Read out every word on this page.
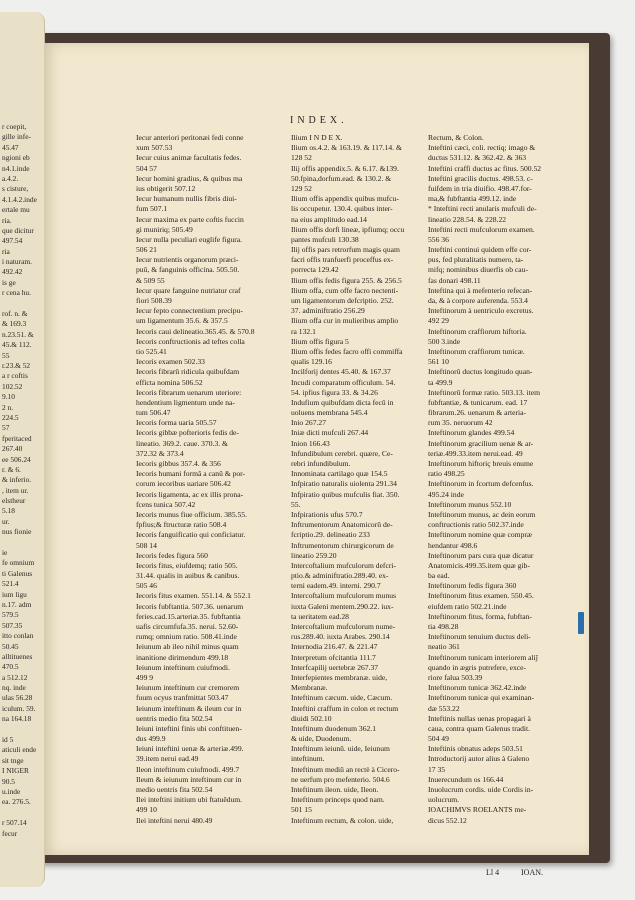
r coepit,
gille infe-
45.47
ngioni eb
n4.1.inde
a.4.2.
s cisture,
4.1.4.2.inde
ertale mu
ria.
que dicitur
497.54
ria
i naturam.
492.42
is ge
r cena hu.
rof. n. &
& 169.3
n.23.51. &
45.& 112.
55
r.23.& 52
a r coftis
102.52
9.10
2 n.
224.5
57
fperitaced
267.40
ee 506.24
r. & 6.
& inferio.
, item ur.
elstheur
5.18
ur.
nus fionie
ie
fe omnium
ti Galenus
521.4
ium ligu
n.17. adm
579.5
507.35
itto conlan
50.45
alltituenes
470.5
a 512.12
nq. inde
ulas 56.28
iculum. 59.
na 164.18
id 5
aticuli ende
sit tnge
I NIGER
90.5
u.inde
ea. 276.5.
r 507.14
fecur
INDEX.
Iecur anteriori peritonæi fedi conne
xum 507.53
Iecur cuius animæ facultatis fedes.
504 57
Iecur homini gradius, & quibus ma
ius obtigerit 507.12
Iecur humanum nullis fibris diui-
fum 507.1
Iecur maxima ex parte coftis fuccin
gi muniriq; 505.49
Iecur nulla peculiari euglife figura.
506 21
Iecur nutrientis organorum præci-
puû, & fanguinis officina. 505.50.
& 509 55
Iecur quare fanguine nutriatur craf
fiori 508.39
Iecur fepto connectentium precipu-
um ligamentum 35.6. & 357.5
Iecoris caui delineatio.365.45. & 570.8
Iecoris conftructionis ad teftes colla
tio 525.41
Iecoris examen 502.33
Iecoris fibrarû ridicula quibufdam
efficta nomina 506.52
Iecoris fibrarum uenarum uteriore:
hendentium ligmentum unde na-
tum 506.47
Iecoris forma uaria 505.57
Iecoris gibbæ pofterioris fedis de-
lineatio. 369.2. caue. 370.3. &
372.32 & 373.4
Iecoris gibbus 357.4. & 356
Iecoris humani formâ a canû & por-
corum iecoribus uariare 506.42
Iecoris ligamenta, ac ex illis prona-
fcens tunica 507.42
Iecoris munus fiue officium. 385.55.
fpfius;& ftructuræ ratio 508.4
Iecoris fanguificatio qui conficiatur.
508 14
Iecoris fedes figura 560
Iecoris fitus, eiufdemq; ratio 505.
31.44. qualis in auibus & canibus.
505 46
Iecoris fitus examen. 551.14. & 552.1
Iecoris fubftantia. 507.36. uenarum
feries.cad.15.arteriæ.35. fubftantia
uafis circumfufa.35. nerui. 52.60-
rumq; omnium ratio. 508.41.inde
Ieiunum ab ileo nihil minus quam
inanitione dirimendum 499.18
Ieiunum inteftinum cuiufmodi.
499 9
Ieiunum inteftinum cur cremorem
fuum ocyus tranfmittat 503.47
Ieiunum inteftinum & ileum cur in
uentris medio fita 502.54
Ieiuni inteftini finis ubi conftituen-
dus 499.9
Ieiuni inteftini uenæ & arteriæ.499.
39.item nerui ead.49
Ileon inteftinum cuiufmodi. 499.7
Ileum & ieiunum inteftinum cur in
medio uentris fita 502.54
Ilei inteftini initium ubi ftatuêdum.
499 10
Ilei inteftini nerui 480.49
Ilium I N D E X.
Ilium os.4.2. & 163.19. & 117.14. &
128 52
Ilij offis appendix.5. & 6.17. &139.
50.fpina,dorfum.ead. & 130.2. &
129 52
Ilium offis appendix quibus mufcu-
lis occupetur. 130.4. quibus inter-
na eius amplitudo ead.14
Ilium offis dorfi lineæ, ipfiumq; occu
pantes mufculi 130.38
Ilij offis pars retrorfum magis quam
facri offis tranfuerfi proceffus ex-
porrecta 129.42
Ilium offis fedis figura 255. & 256.5
Ilium offa, cum offe facro nectenti-
um ligamentorum defcriptio. 252.
37. adminiftratio 256.29
Ilium offa cur in mulieribus amplio
ra 132.1
Ilium offis figura 5
Ilium offis fedes facro offi commiffa
qualis 129.16
Incilforij dentes 45.40. & 167.37
Incudi comparatum officulum. 54.
54. ipfius figura 33. & 34.26
Indufium quibufdam dicta fecû in
uoluens membrana 545.4
Inio 267.27
Iniæ dicti mufculi 267.44
Inion 166.43
Infundibulum cerebri. quære, Ce-
rebri infundibulum.
Innominata cartilago quæ 154.5
Infpiratio naturalis uiolenta 291.34
Infpiratio quibus mufculis fiat. 350.
55.
Infpirationis ufus 570.7
Inftrumentorum Anatomicorû de-
fcriptio.29. delineatio 233
Inftrumentorum chirurgicorum de
lineatio 259.20
Intercoftalium mufculorum defcri-
ptio.& adminiftratio.289.40. ex-
terni eadem.49. interni. 290.7
Intercoftalium mufculorum munus
iuxta Galeni mentem.290.22. iux-
ta ueritatem ead.28
Intercoftalium mufculorum nume-
rus.289.40. iuxta Arabes. 290.14
Internodia 216.47. & 221.47
Interpretum ofcitantia 111.7
Interfcapilij uertebræ 267.37
Interfepientes membranæ. uide,
Membranæ.
Inteftinum cæcum. uide, Cæcum.
Inteftini craffum in colon et rectum
diuidi 502.10
Inteftinum duodenum 362.1
& uide, Duodenum.
Inteftinum ieiunû. uide, Ieiunum
inteftinum.
Inteftinum mediû an rectè à Cicero-
ne uerfum pro mefenterio. 504.6
Inteftinum ileon. uide, Ileon.
Inteftinum princeps quod nam.
501 15
Inteftinum rectum, & colon. uide,
Rectum, & Colon.
Inteftini cæci, coli. rectiq; imago &
ductus 531.12. & 362.42. & 363
Inteftini craffi ductus ac fitus. 500.52
Inteftini gracilis ductus. 498.53. c-
fuifdem in tria diuifio. 498.47.for-
ma,& fubftantia 499.12. inde
* Inteftini recti anularis mufculi de-
lineatio 228.54. & 228.22
Inteftini recti mufculorum examen.
556 36
Inteftini continui quidem effe cor-
pus, fed pluralitatis numero, ta-
mifq; nominibus diuerfis ob cau-
fas donari 498.11
Inteftina qui à mefenterio refecan-
da, & à corpore auferenda. 553.4
Inteftinorum à uentriculo excretus.
492 29
Inteftinorum craffiorum hiftoria.
500 3.inde
Inteftinorum craffiorum tunicæ.
561 10
Inteftinorû ductus longitudo quan-
ta 499.9
Inteftinorû formæ ratio. 503.13. item
fubftantiæ, & tunicarum. ead. 17
fibrarum.26. uenarum & arteria-
rum 35. neruorum 42
Inteftinorum glandes 499.54
Inteftinorum gracilium uenæ & ar-
teriæ.499.33.item nerui.ead. 49
Inteftinorum hiftoriç breuis enume
ratio 498.25
Inteftinorum in fcortum defcenfus.
495.24 inde
Inteftinorum munus 552.10
Inteftinorum munus, ac dein eorum
conftructionis ratio 502.37.inde
Inteftinorum nomine quæ compræ
hendantur 498.6
Inteftinorum pars cura quæ dicatur
Anatomicis.499.35.item quæ gib-
ba ead.
Inteftinorum fedis figura 360
Inteftinorum fitus examen. 550.45.
eiufdem ratio 502.21.inde
Inteftinorum fitus, forma, fubftan-
tia 498.28
Inteftinorum tenuium ductus deli-
neatio 361
Inteftinorum tunicam interiorem aliĵ
quando in ægris putrefere, exce-
riore falua 503.39
Inteftinorum tunicæ 362.42.inde
Inteftinorum tunicæ qui examinan-
dæ 553.22
Inteftinis nullas uenas propagari à
caua, contra quam Galenus tradit.
504 49
Inteftinis obnatus adeps 503.51
Introductorij autor alius à Galeno
17 35
Inuerecundum os 166.44
Inuolucrum cordis. uide Cordis in-
uolucrum.
IOACHIMVS ROELANTS me-
dicus 552.12
Ll 4	IOAN.
